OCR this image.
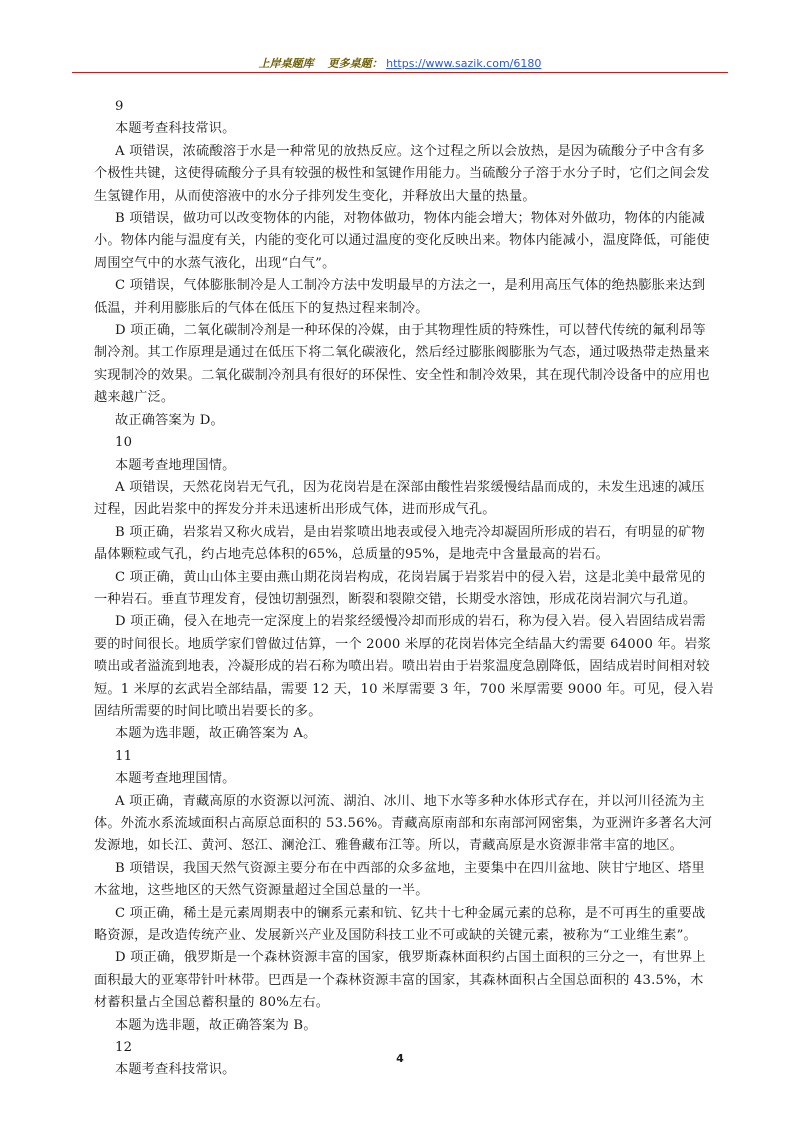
上岸桌题库 更多桌题： https://www.sazik.com/6180

9

本题考查科技常识。

A 项错误，浓硫酸溶于水是一种常见的放热反应。这个过程之所以会放热，是因为硫酸分子中含有多个极性共键，这使得硫酸分子具有较强的极性和氢键作用能力。当硫酸分子溶于水分子时，它们之间会发生氢键作用，从而使溶液中的水分子排列发生变化，并释放出大量的热量。

B 项错误，做功可以改变物体的内能，对物体做功，物体内能会增大；物体对外做功，物体的内能减小。物体内能与温度有关，内能的变化可以通过温度的变化反映出来。物体内能减小，温度降低，可能使周围空气中的水蒸气液化，出现“白气”。

C 项错误，气体膨胀制冷是人工制冷方法中发明最早的方法之一，是利用高压气体的绝热膨胀来达到低温，并利用膨胀后的气体在低压下的复热过程来制冷。

D 项正确，二氧化碳制冷剂是一种环保的冷媒，由于其物理性质的特殊性，可以替代传统的氟利昂等制冷剂。其工作原理是通过在低压下将二氧化碳液化，然后经过膨胀阀膨胀为气态，通过吸热带走热量来实现制冷的效果。二氧化碳制冷剂具有很好的环保性、安全性和制冷效果，其在现代制冷设备中的应用也越来越广泛。

故正确答案为 D。

10

本题考查地理国情。

A 项错误，天然花岗岩无气孔，因为花岗岩是在深部由酸性岩浆缓慢结晶而成的，未发生迅速的减压过程，因此岩浆中的挥发分并未迅速析出形成气体，进而形成气孔。

B 项正确，岩浆岩又称火成岩，是由岩浆喷出地表或侵入地壳冷却凝固所形成的岩石，有明显的矿物晶体颗粒或气孔，约占地壳总体积的65%，总质量的95%，是地壳中含量最高的岩石。

C 项正确，黄山山体主要由燕山期花岗岩构成，花岗岩属于岩浆岩中的侵入岩，这是北美中最常见的一种岩石。垂直节理发育，侵蚀切割强烈，断裂和裂隙交错，长期受水溶蚀，形成花岗岩洞穴与孔道。

D 项正确，侵入在地壳一定深度上的岩浆经缓慢冷却而形成的岩石，称为侵入岩。侵入岩固结成岩需要的时间很长。地质学家们曾做过估算，一个 2000 米厚的花岗岩体完全结晶大约需要 64000 年。岩浆喷出或者溢流到地表，冷凝形成的岩石称为喷出岩。喷出岩由于岩浆温度急剧降低，固结成岩时间相对较短。1 米厚的玄武岩全部结晶，需要 12 天，10 米厚需要 3 年，700 米厚需要 9000 年。可见，侵入岩固结所需要的时间比喷出岩要长的多。

本题为选非题，故正确答案为 A。

11

本题考查地理国情。

A 项正确，青藏高原的水资源以河流、湖泊、冰川、地下水等多种水体形式存在，并以河川径流为主体。外流水系流域面积占高原总面积的 53.56%。青藏高原南部和东南部河网密集，为亚洲许多著名大河发源地，如长江、黄河、怒江、澜沧江、雅鲁藏布江等。所以，青藏高原是水资源非常丰富的地区。

B 项错误，我国天然气资源主要分布在中西部的众多盆地，主要集中在四川盆地、陕甘宁地区、塔里木盆地，这些地区的天然气资源量超过全国总量的一半。

C 项正确，稀土是元素周期表中的镧系元素和钪、钇共十七种金属元素的总称，是不可再生的重要战略资源，是改造传统产业、发展新兴产业及国防科技工业不可或缺的关键元素，被称为“工业维生素”。

D 项正确，俄罗斯是一个森林资源丰富的国家，俄罗斯森林面积约占国土面积的三分之一，有世界上面积最大的亚寒带针叶林带。巴西是一个森林资源丰富的国家，其森林面积占全国总面积的 43.5%，木材蓄积量占全国总蓄积量的 80%左右。

本题为选非题，故正确答案为 B。

12

本题考查科技常识。

4
